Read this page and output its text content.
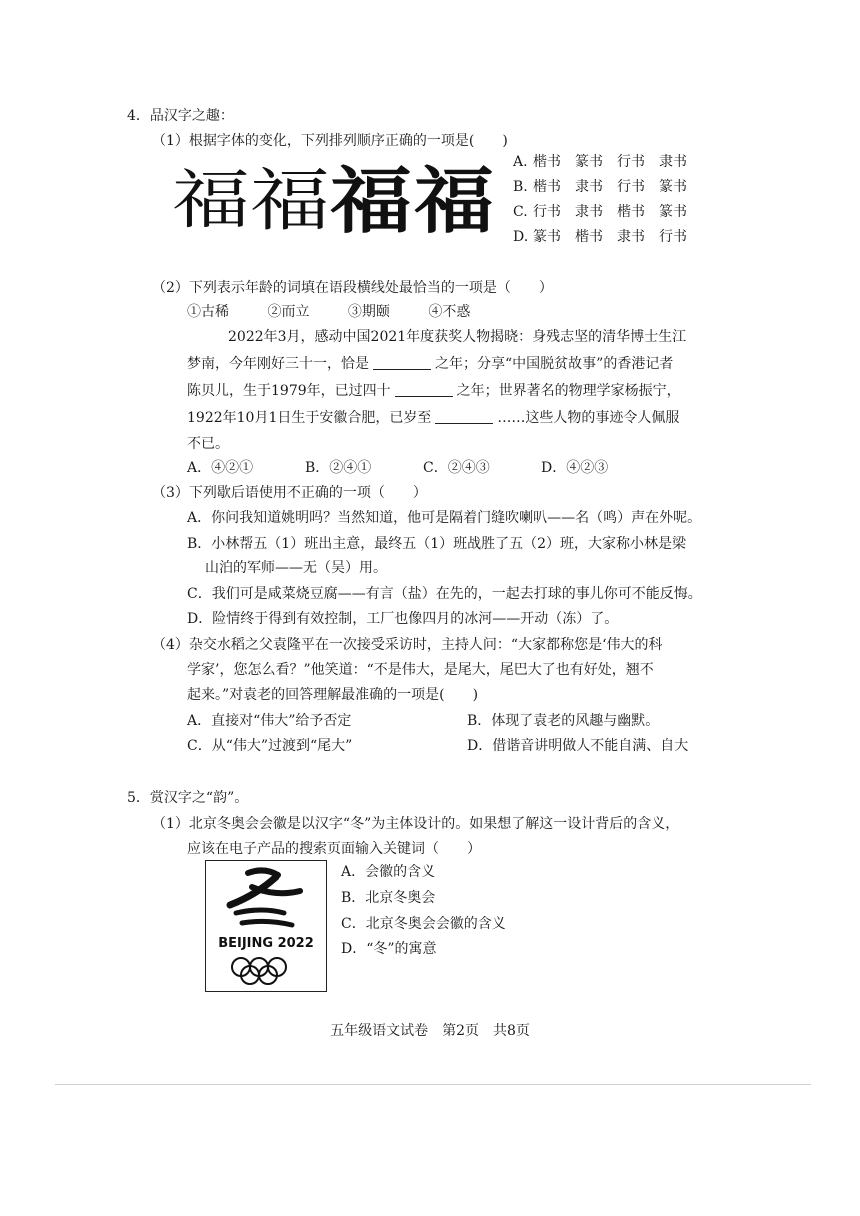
4．品汉字之趣：
（1）根据字体的变化，下列排列顺序正确的一项是(　　)
福 福 福 福 A. 楷书 篆书 行书 隶书
B. 楷书 隶书 行书 篆书
C. 行书 隶书 楷书 篆书
D. 篆书 楷书 隶书 行书
（2）下列表示年龄的词填在语段横线处最恰当的一项是（　　）
①古稀	②而立	③期颐	④不惑
2022年3月，感动中国2021年度获奖人物揭晓：身残志坚的清华博士生江
梦南，今年刚好三十一，恰是	之年；分享“中国脱贫故事”的香港记者
陈贝儿，生于1979年，已过四十	之年；世界著名的物理学家杨振宁，
1922年10月1日生于安徽合肥，已岁至	……这些人物的事迹令人佩服
不已。
A．④②①	B．②④①	C．②④③	D．④②③
（3）下列歇后语使用不正确的一项（　　）
A．你问我知道姚明吗？当然知道，他可是隔着门缝吹喇叭——名（鸣）声在外呢。
B．小林帮五（1）班出主意，最终五（1）班战胜了五（2）班，大家称小林是梁
山泊的军师——无（吴）用。
C．我们可是咸菜烧豆腐——有言（盐）在先的，一起去打球的事儿你可不能反悔。
D．险情终于得到有效控制，工厂也像四月的冰河——开动（冻）了。
（4）杂交水稻之父袁隆平在一次接受采访时，主持人问：“大家都称您是‘伟大的科
学家’，您怎么看？”他笑道：“不是伟大，是尾大，尾巴大了也有好处，翘不
起来。”对袁老的回答理解最准确的一项是(　　)
A．直接对“伟大”给予否定	B．体现了袁老的风趣与幽默。
C．从“伟大”过渡到“尾大”	D．借谐音讲明做人不能自满、自大
5．赏汉字之“韵”。
（1）北京冬奥会会徽是以汉字“冬”为主体设计的。如果想了解这一设计背后的含义，
应该在电子产品的搜索页面输入关键词（　　）
BEIJING 2022
A．会徽的含义
B．北京冬奥会
C．北京冬奥会会徽的含义
D．“冬”的寓意
五年级语文试卷　第2页　共8页
